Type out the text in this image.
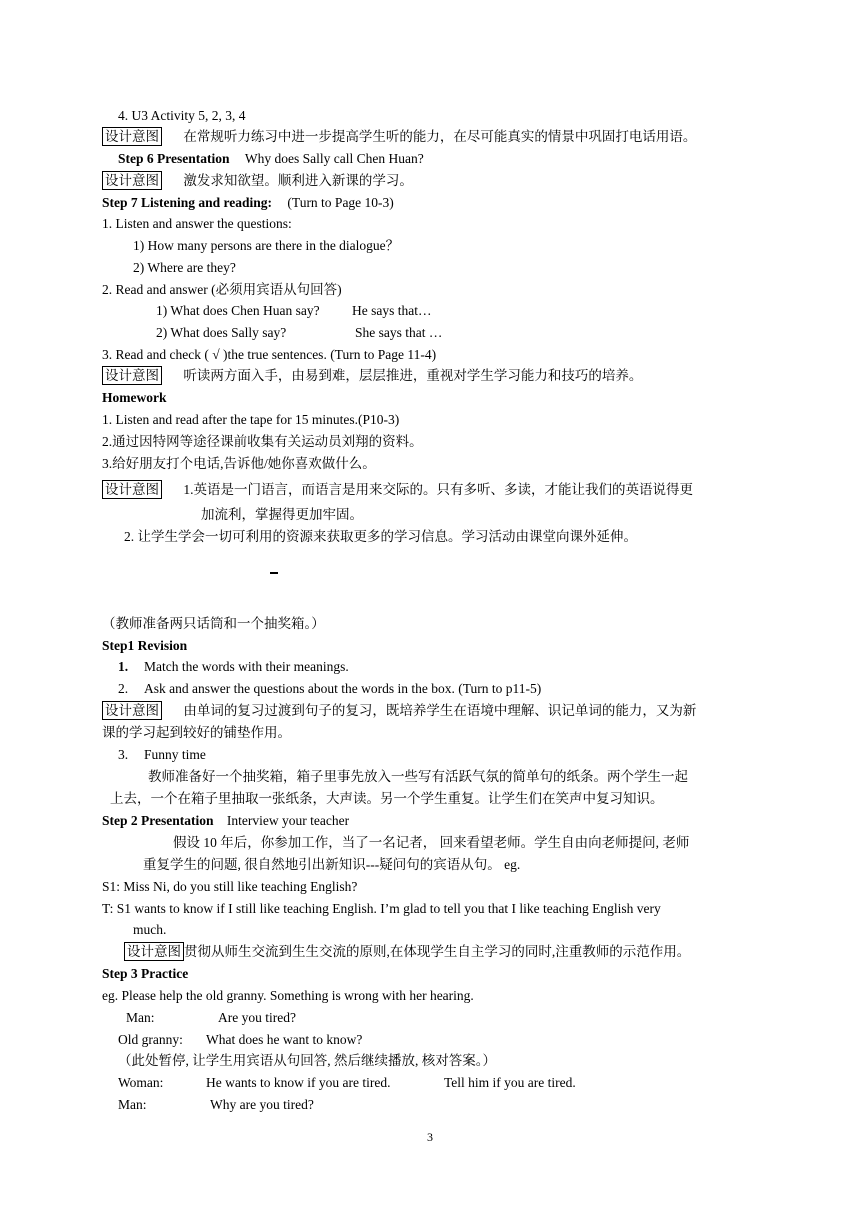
4. U3 Activity 5, 2, 3, 4
设计意图 在常规听力练习中进一步提高学生听的能力，在尽可能真实的情景中巩固打电话用语。
Step 6 Presentation Why does Sally call Chen Huan?
设计意图 激发求知欲望。顺利进入新课的学习。
Step 7 Listening and reading: (Turn to Page 10-3)
1. Listen and answer the questions:
1) How many persons are there in the dialogue？
2) Where are they?
2. Read and answer (必须用宾语从句回答)
1) What does Chen Huan say? He says that…
2) What does Sally say?	She says that …
3. Read and check ( √ )the true sentences. (Turn to Page 11-4)
设计意图 听读两方面入手，由易到难，层层推进，重视对学生学习能力和技巧的培养。
Homework
1. Listen and read after the tape for 15 minutes.(P10-3)
2.通过因特网等途径课前收集有关运动员刘翔的资料。
3.给好朋友打个电话,告诉他/她你喜欢做什么。
设计意图 1.英语是一门语言，而语言是用来交际的。只有多听、多读，才能让我们的英语说得更
加流利，掌握得更加牢固。
2. 让学生学会一切可利用的资源来获取更多的学习信息。学习活动由课堂向课外延伸。
（教师准备两只话筒和一个抽奖箱。）
Step1 Revision
1. Match the words with their meanings.
2. Ask and answer the questions about the words in the box. (Turn to p11-5)
设计意图 由单词的复习过渡到句子的复习，既培养学生在语境中理解、识记单词的能力，又为新
课的学习起到较好的铺垫作用。
3. Funny time
教师准备好一个抽奖箱，箱子里事先放入一些写有活跃气氛的简单句的纸条。两个学生一起
上去，一个在箱子里抽取一张纸条，大声读。另一个学生重复。让学生们在笑声中复习知识。
Step 2 Presentation Interview your teacher
假设 10 年后，你参加工作，当了一名记者， 回来看望老师。学生自由向老师提问, 老师
重复学生的问题, 很自然地引出新知识---疑问句的宾语从句。 eg.
S1: Miss Ni, do you still like teaching English?
T: S1 wants to know if I still like teaching English. I’m glad to tell you that I like teaching English very
much.
设计意图 贯彻从师生交流到生生交流的原则,在体现学生自主学习的同时,注重教师的示范作用。
Step 3 Practice
eg. Please help the old granny. Something is wrong with her hearing.
Man:	Are you tired?
Old granny: What does he want to know?
（此处暂停, 让学生用宾语从句回答, 然后继续播放, 核对答案。）
Woman:	He wants to know if you are tired.	Tell him if you are tired.
Man:	Why are you tired?
3
